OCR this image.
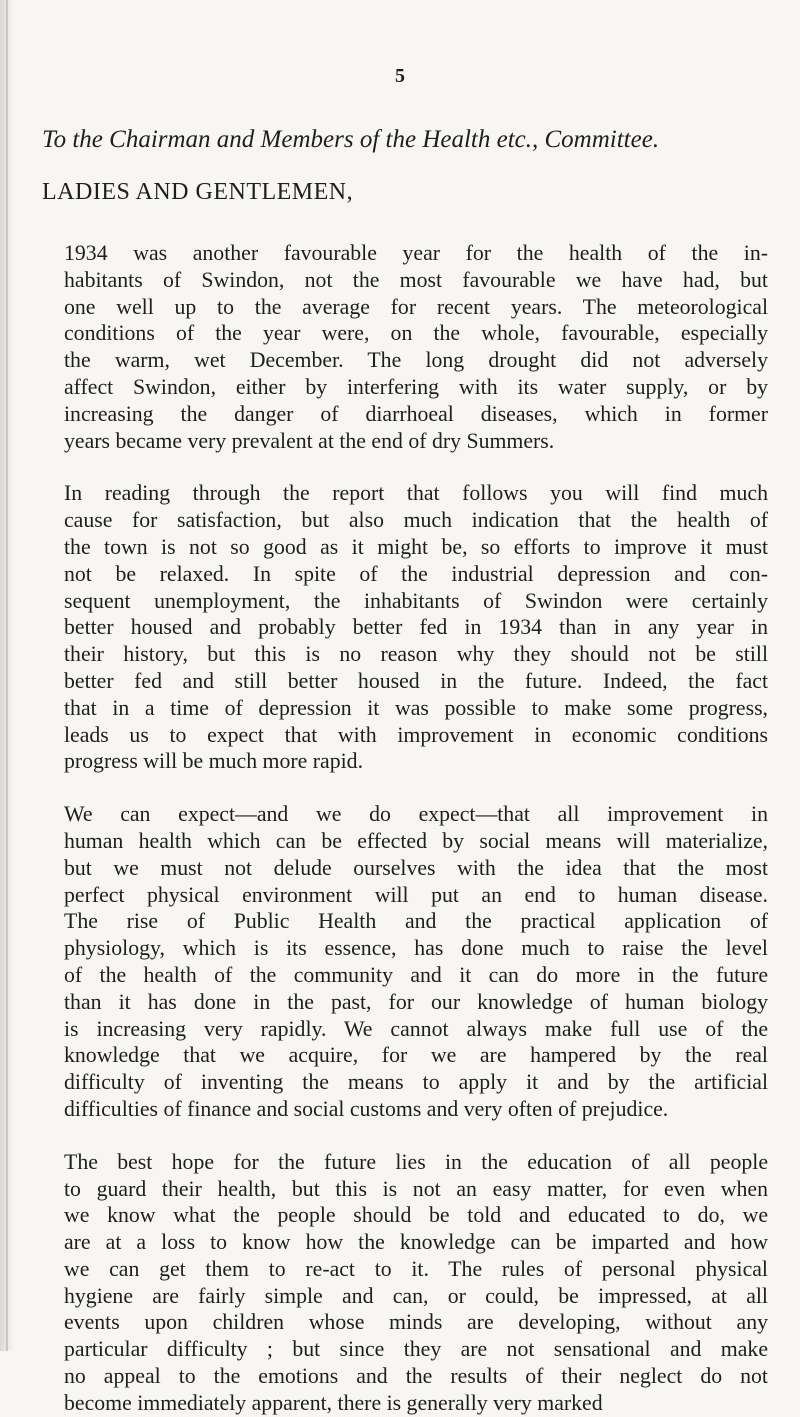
5
To the Chairman and Members of the Health etc., Committee.
LADIES AND GENTLEMEN,

1934 was another favourable year for the health of the in-
habitants of Swindon, not the most favourable we have had, but
one well up to the average for recent years. The meteorological
conditions of the year were, on the whole, favourable, especially
the warm, wet December. The long drought did not adversely
affect Swindon, either by interfering with its water supply, or by
increasing the danger of diarrhoeal diseases, which in former
years became very prevalent at the end of dry Summers.

In reading through the report that follows you will find much
cause for satisfaction, but also much indication that the health of
the town is not so good as it might be, so efforts to improve it must
not be relaxed. In spite of the industrial depression and con-
sequent unemployment, the inhabitants of Swindon were certainly
better housed and probably better fed in 1934 than in any year in
their history, but this is no reason why they should not be still
better fed and still better housed in the future. Indeed, the fact
that in a time of depression it was possible to make some progress,
leads us to expect that with improvement in economic conditions
progress will be much more rapid.

We can expect—and we do expect—that all improvement in
human health which can be effected by social means will materialize,
but we must not delude ourselves with the idea that the most
perfect physical environment will put an end to human disease.
The rise of Public Health and the practical application of
physiology, which is its essence, has done much to raise the level
of the health of the community and it can do more in the future
than it has done in the past, for our knowledge of human biology
is increasing very rapidly. We cannot always make full use of the
knowledge that we acquire, for we are hampered by the real
difficulty of inventing the means to apply it and by the artificial
difficulties of finance and social customs and very often of prejudice.

The best hope for the future lies in the education of all people
to guard their health, but this is not an easy matter, for even when
we know what the people should be told and educated to do, we
are at a loss to know how the knowledge can be imparted and how
we can get them to re-act to it. The rules of personal physical
hygiene are fairly simple and can, or could, be impressed, at all
events upon children whose minds are developing, without any
particular difficulty ; but since they are not sensational and make
no appeal to the emotions and the results of their neglect do not
become immediately apparent, there is generally very marked
